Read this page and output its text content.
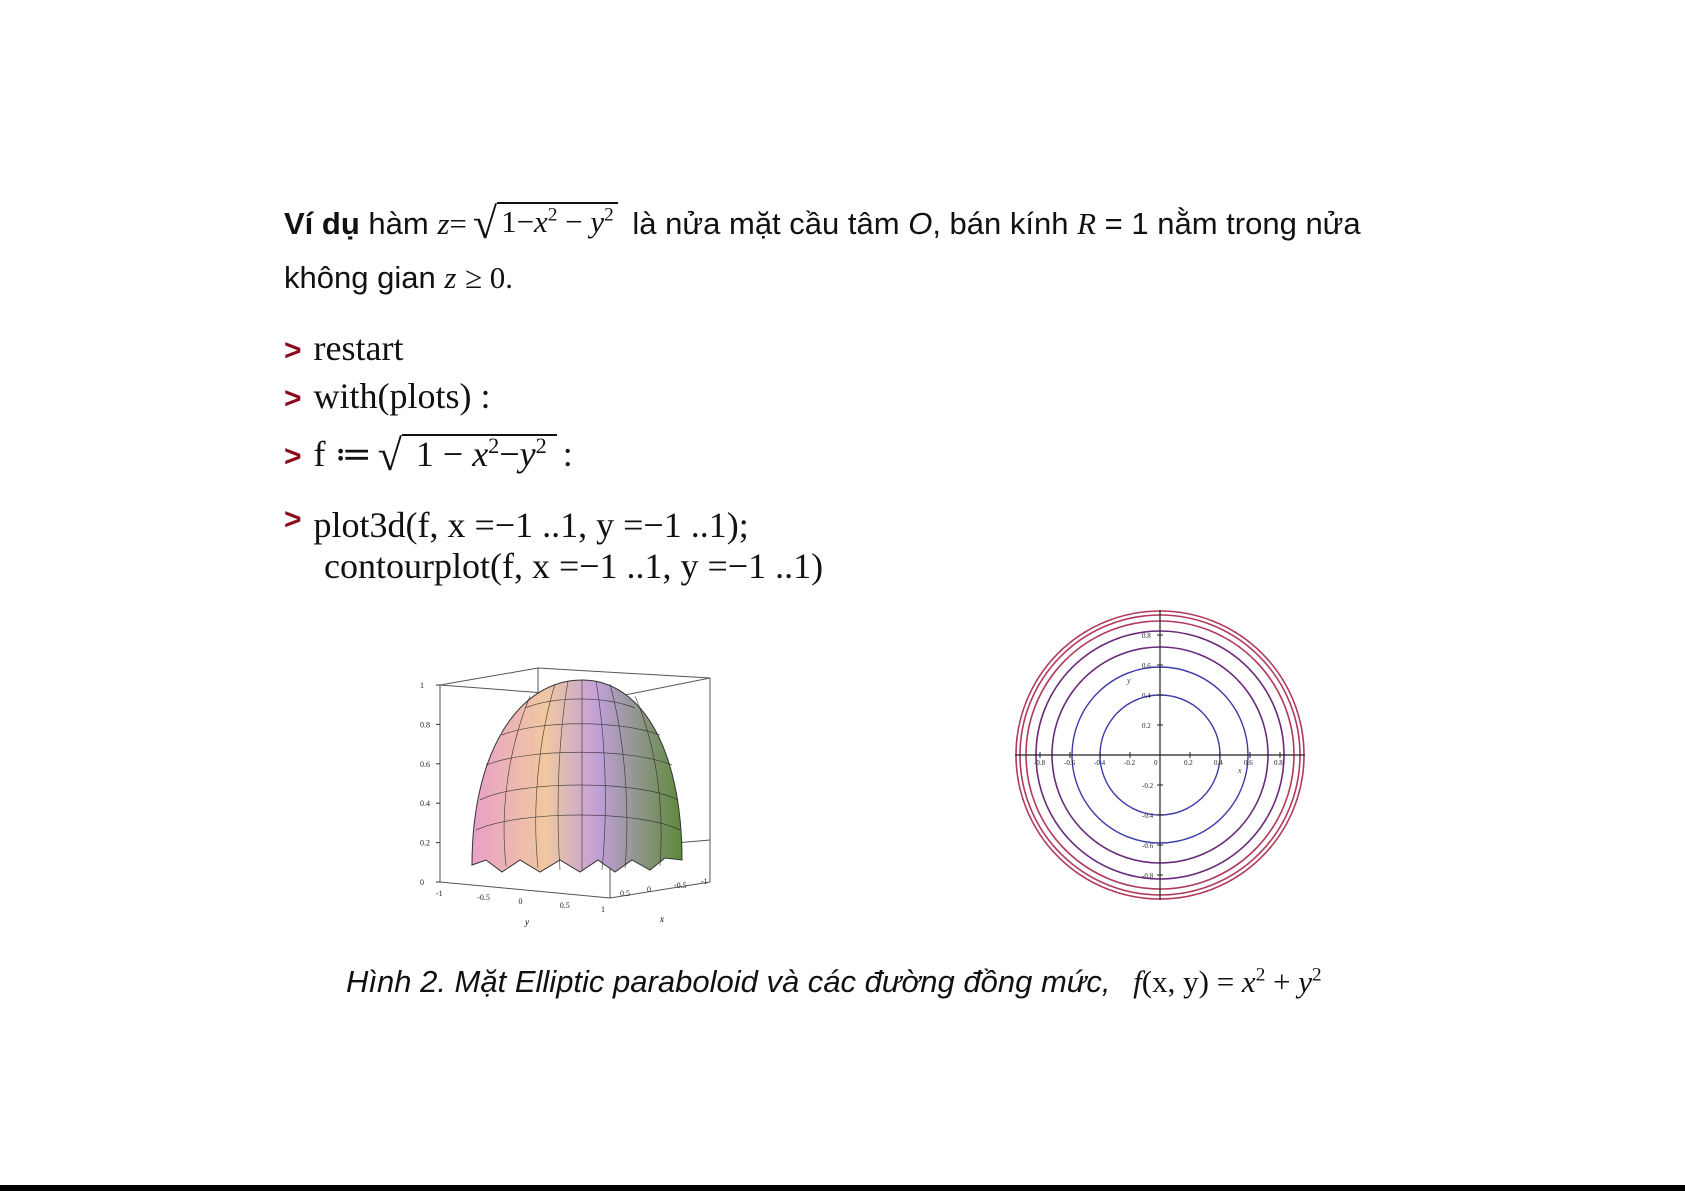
Ví dụ hàm z= √ $1-x^2 - y^2$ là nửa mặt cầu tâm O, bán kính R = 1 nằm trong nửa
không gian z ≥ 0.
> restart
> with(plots) :
> f ≔ √ $1 - x^2-y^2$ :
> plot3d(f, x =−1 ..1, y =−1 ..1);
contourplot(f, x =−1 ..1, y =−1 ..1)
0
0.2
0.4
0.6
0.8
1
-1	-0.5	0	0.5	1
0.5 0	-0.5 -1
y	x
-0.8	-0.6	-0.4	-0.2	0	0.2	0.4	0.6	0.8
0.8
0.6
0.4
0.2
-0.2
-0.4
-0.6
-0.8
y
x
Hình 2. Mặt Elliptic paraboloid và các đường đồng mức, f(x, $y) = x^2 + y^2$
